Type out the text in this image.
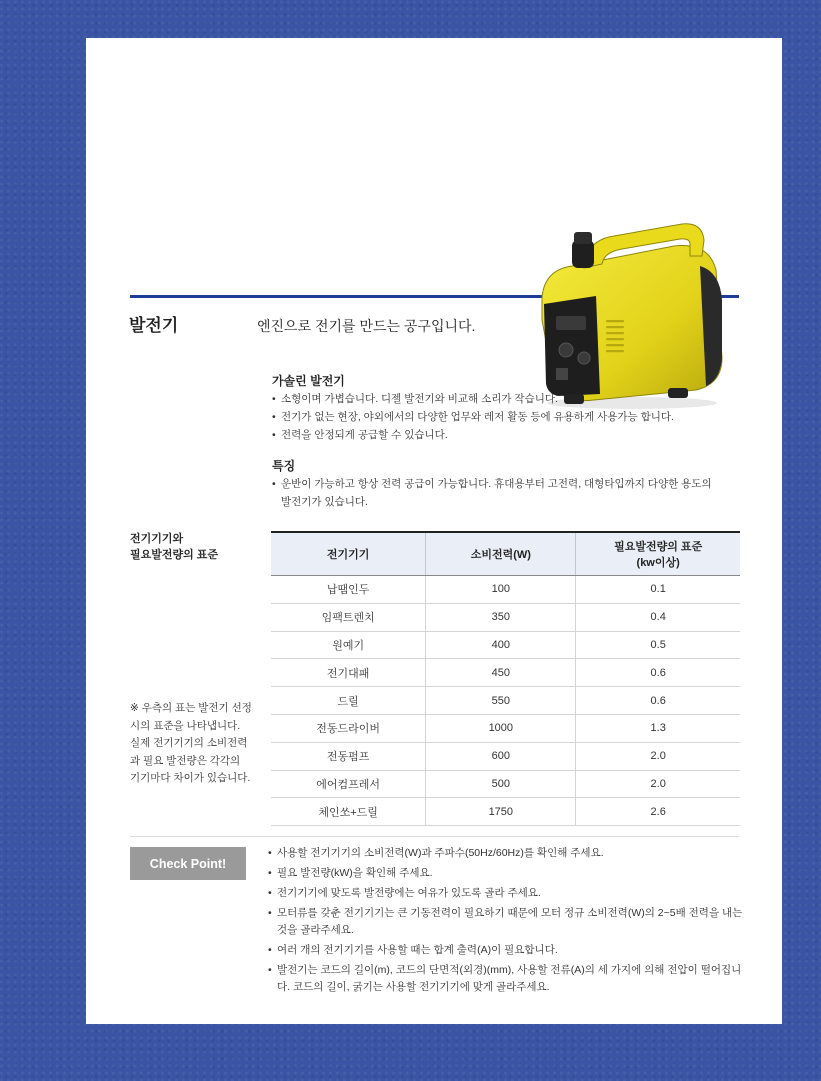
발전기	엔진으로 전기를 만드는 공구입니다.
가솔린 발전기
• 소형이며 가볍습니다. 디젤 발전기와 비교해 소리가 작습니다.
• 전기가 없는 현장, 야외에서의 다양한 업무와 레저 활동 등에 유용하게 사용가능 합니다.
• 전력을 안정되게 공급할 수 있습니다.
특징
• 운반이 가능하고 항상 전력 공급이 가능합니다. 휴대용부터 고전력, 대형타입까지 다양한 용도의 발전기가 있습니다.
전기기기와
필요발전량의 표준
※ 우측의 표는 발전기 선정시의 표준을 나타냅니다. 실제 전기기기의 소비전력과 필요 발전량은 각각의 기기마다 차이가 있습니다.
전기기기	소비전력(W)	필요발전량의 표준
(kw이상)

납땜인두	100	0.1
임팩트렌치	350	0.4
원예기	400	0.5
전기대패	450	0.6
드릴	550	0.6
전동드라이버	1000	1.3
전동펌프	600	2.0
에어컴프레서	500	2.0
체인쏘+드릴	1750	2.6
Check Point!
• 사용할 전기기기의 소비전력(W)과 주파수(50Hz/60Hz)를 확인해 주세요.
• 필요 발전량(kW)을 확인해 주세요.
• 전기기기에 맞도록 발전량에는 여유가 있도록 골라 주세요.
• 모터류를 갖춘 전기기기는 큰 기동전력이 필요하기 때문에 모터 정규 소비전력(W)의 2~5배 전력을 내는 것을 골라주세요.
• 여러 개의 전기기기를 사용할 때는 합계 출력(A)이 필요합니다.
• 발전기는 코드의 길이(m), 코드의 단면적(외경)(mm), 사용할 전류(A)의 세 가지에 의해 전압이 떨어집니다. 코드의 길이, 굵기는 사용할 전기기기에 맞게 골라주세요.
